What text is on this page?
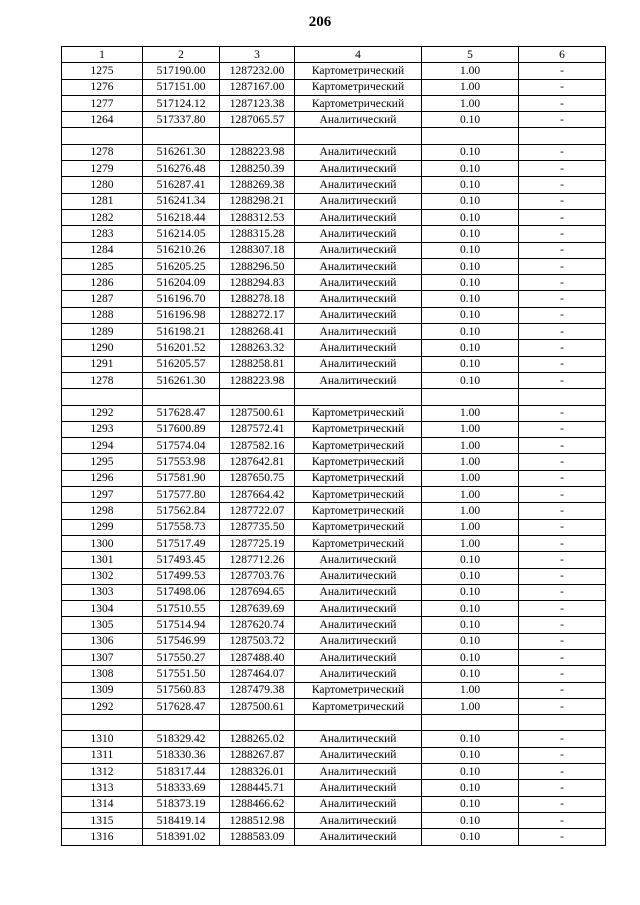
206
1	2	3	4	5	6
1275	517190.00	1287232.00	Картометрический	1.00	-
1276	517151.00	1287167.00	Картометрический	1.00	-
1277	517124.12	1287123.38	Картометрический	1.00	-
1264	517337.80	1287065.57	Аналитический	0.10	-

1278	516261.30	1288223.98	Аналитический	0.10	-
1279	516276.48	1288250.39	Аналитический	0.10	-
1280	516287.41	1288269.38	Аналитический	0.10	-
1281	516241.34	1288298.21	Аналитический	0.10	-
1282	516218.44	1288312.53	Аналитический	0.10	-
1283	516214.05	1288315.28	Аналитический	0.10	-
1284	516210.26	1288307.18	Аналитический	0.10	-
1285	516205.25	1288296.50	Аналитический	0.10	-
1286	516204.09	1288294.83	Аналитический	0.10	-
1287	516196.70	1288278.18	Аналитический	0.10	-
1288	516196.98	1288272.17	Аналитический	0.10	-
1289	516198.21	1288268.41	Аналитический	0.10	-
1290	516201.52	1288263.32	Аналитический	0.10	-
1291	516205.57	1288258.81	Аналитический	0.10	-
1278	516261.30	1288223.98	Аналитический	0.10	-

1292	517628.47	1287500.61	Картометрический	1.00	-
1293	517600.89	1287572.41	Картометрический	1.00	-
1294	517574.04	1287582.16	Картометрический	1.00	-
1295	517553.98	1287642.81	Картометрический	1.00	-
1296	517581.90	1287650.75	Картометрический	1.00	-
1297	517577.80	1287664.42	Картометрический	1.00	-
1298	517562.84	1287722.07	Картометрический	1.00	-
1299	517558.73	1287735.50	Картометрический	1.00	-
1300	517517.49	1287725.19	Картометрический	1.00	-
1301	517493.45	1287712.26	Аналитический	0.10	-
1302	517499.53	1287703.76	Аналитический	0.10	-
1303	517498.06	1287694.65	Аналитический	0.10	-
1304	517510.55	1287639.69	Аналитический	0.10	-
1305	517514.94	1287620.74	Аналитический	0.10	-
1306	517546.99	1287503.72	Аналитический	0.10	-
1307	517550.27	1287488.40	Аналитический	0.10	-
1308	517551.50	1287464.07	Аналитический	0.10	-
1309	517560.83	1287479.38	Картометрический	1.00	-
1292	517628.47	1287500.61	Картометрический	1.00	-

1310	518329.42	1288265.02	Аналитический	0.10	-
1311	518330.36	1288267.87	Аналитический	0.10	-
1312	518317.44	1288326.01	Аналитический	0.10	-
1313	518333.69	1288445.71	Аналитический	0.10	-
1314	518373.19	1288466.62	Аналитический	0.10	-
1315	518419.14	1288512.98	Аналитический	0.10	-
1316	518391.02	1288583.09	Аналитический	0.10	-
